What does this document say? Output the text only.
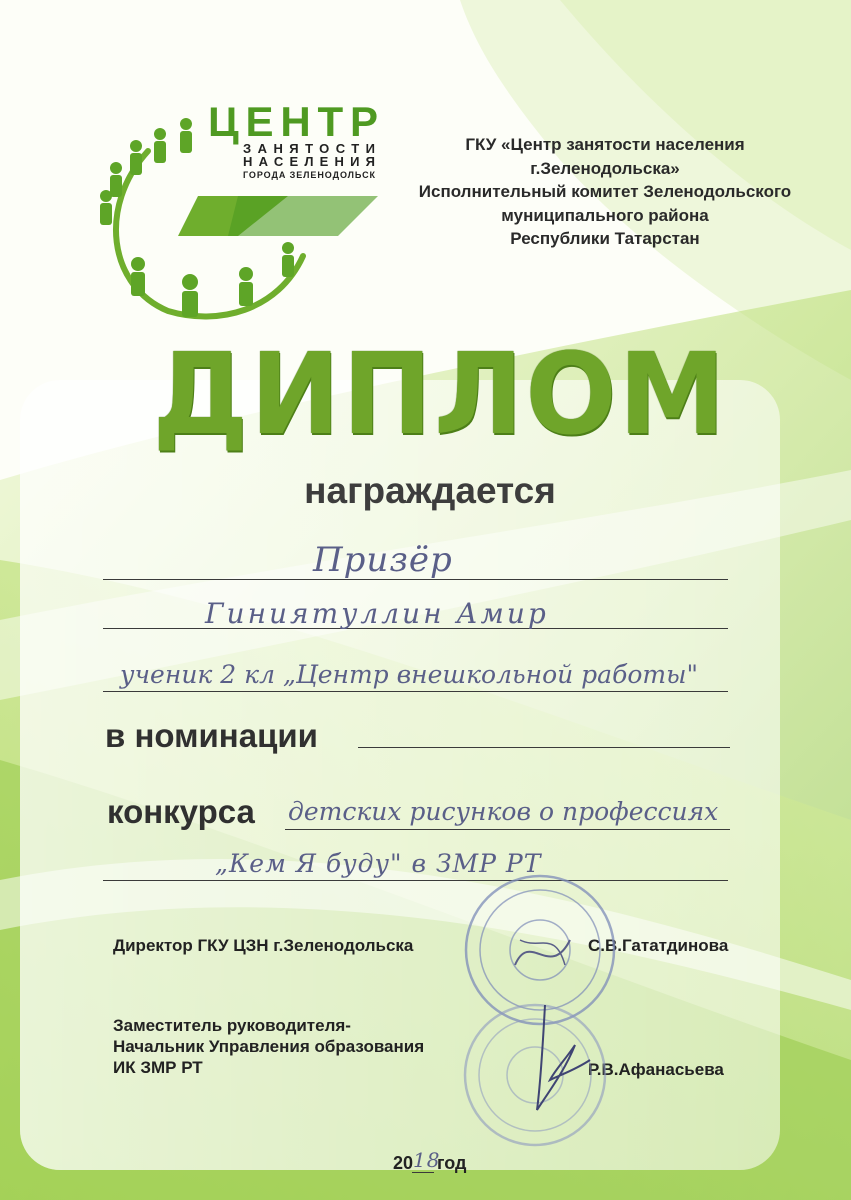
ЦЕНТР
ЗАНЯТОСТИ
НАСЕЛЕНИЯ
ГОРОДА ЗЕЛЕНОДОЛЬСК
ГКУ «Центр занятости населения
г.Зеленодольска»
Исполнительный комитет Зеленодольского
муниципального района
Республики Татарстан
ДИПЛОМ
награждается
Призёр
Гиниятуллин Амир
ученик 2 кл „Центр внешкольной работы"
в номинации
конкурса детских рисунков о профессиях
„Кем Я буду" в ЗМР РТ
Директор ГКУ ЦЗН г.Зеленодольска	С.В.Гататдинова
Заместитель руководителя-
Начальник Управления образования
ИК ЗМР РТ	Р.В.Афанасьева
20 18
год
